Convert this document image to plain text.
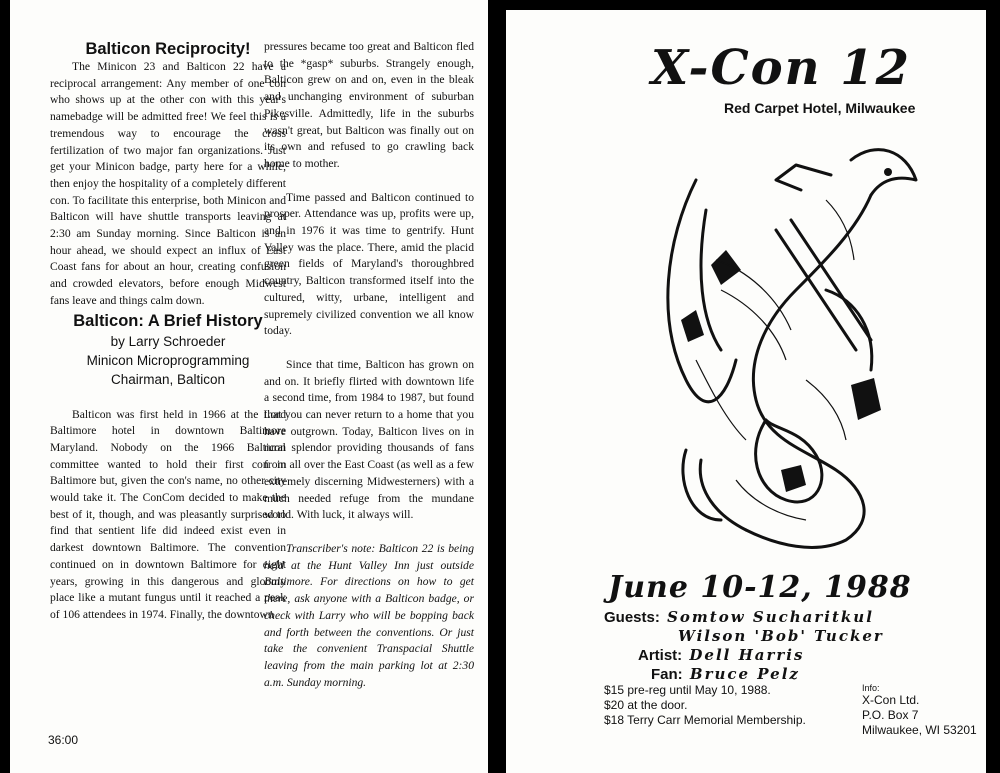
Balticon Reciprocity!

The Minicon 23 and Balticon 22 have a reciprocal arrangement: Any member of one con who shows up at the other con with this year's namebadge will be admitted free! We feel this is a tremendous way to encourage the cross fertilization of two major fan organizations. Just get your Minicon badge, party here for a while, then enjoy the hospitality of a completely different con. To facilitate this enterprise, both Minicon and Balticon will have shuttle transports leaving at 2:30 am Sunday morning. Since Balticon is an hour ahead, we should expect an influx of East Coast fans for about an hour, creating confusion and crowded elevators, before enough Midwest fans leave and things calm down.

Balticon: A Brief History

by Larry Schroeder
Minicon Microprogramming
Chairman, Balticon

Balticon was first held in 1966 at the Lord Baltimore hotel in downtown Baltimore Maryland. Nobody on the 1966 Balticon committee wanted to hold their first con in Baltimore but, given the con's name, no other city would take it. The ConCom decided to make the best of it, though, and was pleasantly surprised to find that sentient life did indeed exist even in darkest downtown Baltimore. The convention continued on in downtown Baltimore for eight years, growing in this dangerous and gloomy place like a mutant fungus until it reached a peak of 106 attendees in 1974. Finally, the downtown

pressures became too great and Balticon fled to the *gasp* suburbs. Strangely enough, Balticon grew on and on, even in the bleak and unchanging environment of suburban Pikesville. Admittedly, life in the suburbs wasn't great, but Balticon was finally out on its own and refused to go crawling back home to mother.

Time passed and Balticon continued to prosper. Attendance was up, profits were up, and in 1976 it was time to gentrify. Hunt Valley was the place. There, amid the placid green fields of Maryland's thoroughbred country, Balticon transformed itself into the cultured, witty, urbane, intelligent and supremely civilized convention we all know today.

Since that time, Balticon has grown on and on. It briefly flirted with downtown life a second time, from 1984 to 1987, but found that you can never return to a home that you have outgrown. Today, Balticon lives on in rural splendor providing thousands of fans from all over the East Coast (as well as a few extremely discerning Midwesterners) with a much needed refuge from the mundane world. With luck, it always will.

Transcriber's note: Balticon 22 is being held at the Hunt Valley Inn just outside Baltimore. For directions on how to get there, ask anyone with a Balticon badge, or check with Larry who will be bopping back and forth between the conventions. Or just take the convenient Transpacial Shuttle leaving from the main parking lot at 2:30 a.m. Sunday morning.

36:00
X-Con 12
Red Carpet Hotel, Milwaukee
June 10-12, 1988
Guests: Somtow Sucharitkul
Wilson 'Bob' Tucker
Artist: Dell Harris
Fan: Bruce Pelz
$15 pre-reg until May 10, 1988.
$20 at the door.
$18 Terry Carr Memorial Membership.
Info:
X-Con Ltd.
P.O. Box 7
Milwaukee, WI 53201
